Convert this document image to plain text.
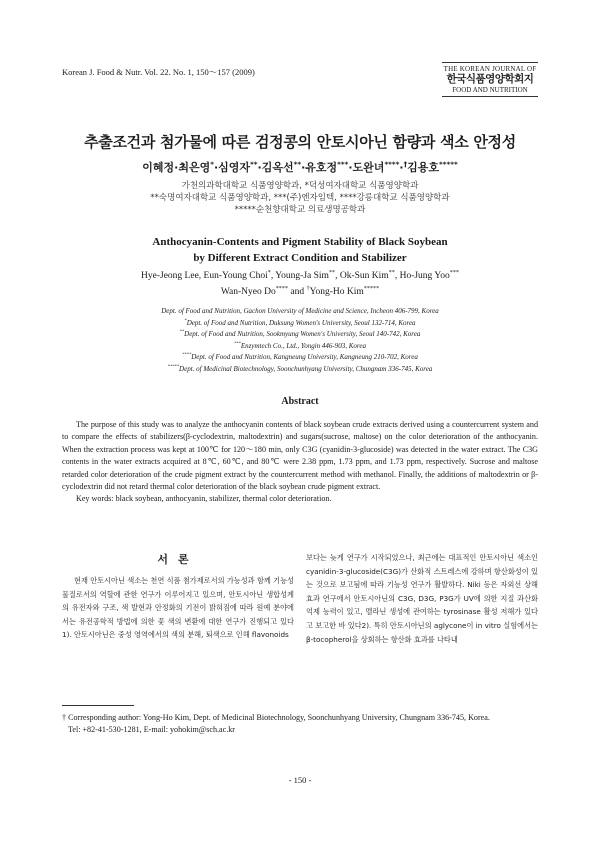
Korean J. Food & Nutr. Vol. 22. No. 1, 150～157 (2009)	THE KOREAN JOURNAL OF
한국식품영양학회지
FOOD AND NUTRITION
추출조건과 첨가물에 따른 검정콩의 안토시아닌 함량과 색소 안정성
이혜정·최은영*·심영자**·김옥선**·유호정***·도완녀****·†김용호*****
가천의과학대학교 식품영양학과, *덕성여자대학교 식품영양학과
**숙명여자대학교 식품영양학과, ***(주)엔자임텍, ****강릉대학교 식품영양학과
*****순천향대학교 의료생명공학과
Anthocyanin-Contents and Pigment Stability of Black Soybean
by Different Extract Condition and Stabilizer
Hye-Jeong Lee, Eun-Young Choi*, Young-Ja Sim**, Ok-Sun Kim**, Ho-Jung Yoo***
Wan-Nyeo Do**** and †Yong-Ho Kim*****
Dept. of Food and Nutrition, Gachon University of Medicine and Science, Incheon 406-799, Korea
*Dept. of Food and Nutrition, Duksung Women's University, Seoul 132-714, Korea
**Dept. of Food and Nutrition, Sookmyung Women's University, Seoul 140-742, Korea
***Enzymtech Co., Ltd., Yongin 446-903, Korea
****Dept. of Food and Nutrition, Kangneung University, Kangneung 210-702, Korea
*****Dept. of Medicinal Biotechnology, Soonchunhyang University, Chungnam 336-745, Korea
Abstract

The purpose of this study was to analyze the anthocyanin contents of black soybean crude extracts derived using a countercurrent system and to compare the effects of stabilizers(β-cyclodextrin, maltodextrin) and sugars(sucrose, maltose) on the color deterioration of the anthocyanin. When the extraction process was kept at 100℃ for 120～180 min, only C3G (cyanidin-3-glucoside) was detected in the water extract. The C3G contents in the water extracts acquired at 8℃, 60℃, and 80℃ were 2.38 ppm, 1.73 ppm, and 1.73 ppm, respectively. Sucrose and maltose retarded color deterioration of the crude pigment extract by the countercurrent method with methanol. Finally, the additions of maltodextrin or β-cyclodextrin did not retard thermal color deterioration of the black soybean crude pigment extract.

Key words: black soybean, anthocyanin, stabilizer, thermal color deterioration.

서론

현재 안토시아닌 색소는 천연 식품 첨가제로서의 가능성과 함께 기능성 물질로서의 역할에 관한 연구가 이루어지고 있으며, 안토시아닌 생합성계의 유전자와 구조, 색 발현과 안정화의 기전이 밝혀짐에 따라 원예 분야에서는 유전공학적 방법에 의한 꽃 색의 변환에 대한 연구가 진행되고 있다1). 안토시아닌은 중성 영역에서의 색의 분해, 퇴색으로 인해 flavonoids

보다는 늦게 연구가 시작되었으나, 최근에는 대표적인 안토시아닌 색소인 cyanidin-3-glucoside(C3G)가 산화적 스트레스에 강하며 항산화성이 있는 것으로 보고됨에 따라 기능성 연구가 활발하다. Niki 등은 자외선 상해 효과 연구에서 안토시아닌의 C3G, D3G, P3G가 UV에 의한 지질 과산화 억제 능력이 있고, 멜라닌 생성에 관여하는 tyrosinase 활성 저해가 있다고 보고한 바 있다2). 특히 안토시아닌의 aglycone이 in vitro 실험에서는 β-tocopherol을 상회하는 항산화 효과를 나타내

† Corresponding author: Yong-Ho Kim, Dept. of Medicinal Biotechnology, Soonchunhyang University, Chungnam 336-745, Korea.
Tel: +82-41-530-1281, E-mail: yohokim@sch.ac.kr
- 150 -
